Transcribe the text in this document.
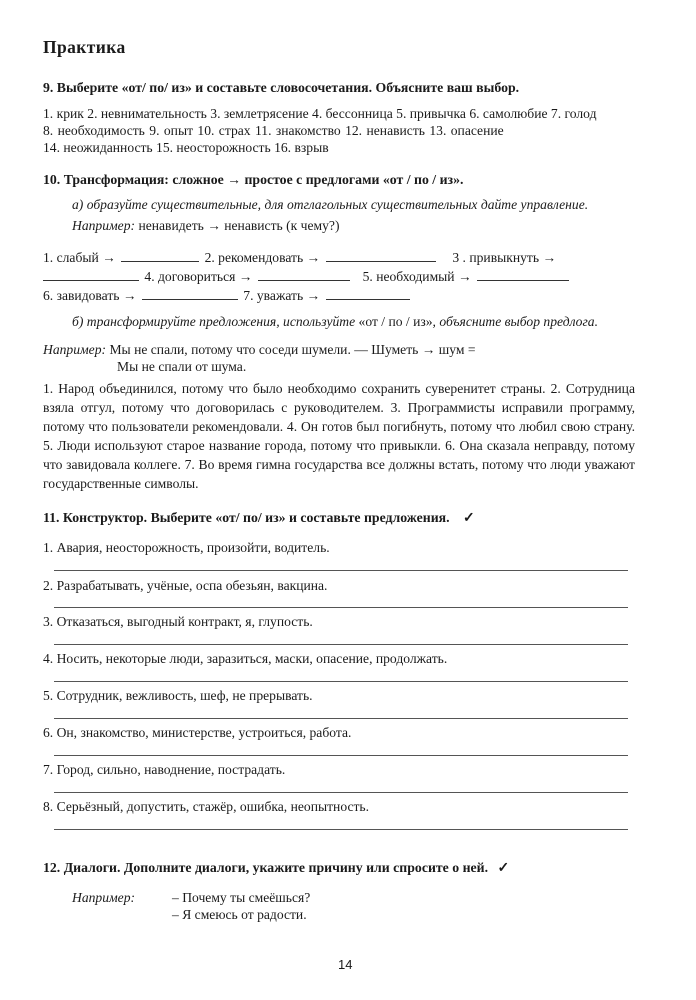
Практика
9. Выберите «от/ по/ из» и составьте словосочетания. Объясните ваш выбор.
1. крик 2. невнимательность 3. землетрясение 4. бессонница 5. привычка 6. самолюбие 7. голод
8. необходимость 9. опыт 10. страх 11. знакомство 12. ненависть 13. опасение
14. неожиданность 15. неосторожность 16. взрыв
10. Трансформация: сложное → простое с предлогами «от / по / из».
а) образуйте существительные, для отглагольных существительных дайте управление.
Например: ненавидеть → ненависть (к чему?)
1. слабый →	2. рекомендовать →	3 . привыкнуть →
4. договориться →	5. необходимый →
6. завидовать →	7. уважать →
б) трансформируйте предложения, используйте «от / по / из», объясните выбор предлога.
Например: Мы не спали, потому что соседи шумели. — Шуметь → шум =
Мы не спали от шума.
1. Народ объединился, потому что было необходимо сохранить суверенитет страны. 2. Сотрудница взяла отгул, потому что договорилась с руководителем. 3. Программисты исправили программу, потому что пользователи рекомендовали. 4. Он готов был погибнуть, потому что любил свою страну. 5. Люди используют старое название города, потому что привыкли. 6. Она сказала неправду, потому что завидовала коллеге. 7. Во время гимна государства все должны встать, потому что люди уважают государственные символы.
11. Конструктор. Выберите «от/ по/ из» и составьте предложения. ✓
1. Авария, неосторожность, произойти, водитель.
2. Разрабатывать, учёные, оспа обезьян, вакцина.
3. Отказаться, выгодный контракт, я, глупость.
4. Носить, некоторые люди, заразиться, маски, опасение, продолжать.
5. Сотрудник, вежливость, шеф, не прерывать.
6. Он, знакомство, министерстве, устроиться, работа.
7. Город, сильно, наводнение, пострадать.
8. Серьёзный, допустить, стажёр, ошибка, неопытность.
12. Диалоги. Дополните диалоги, укажите причину или спросите о ней. ✓
Например:	– Почему ты смеёшься?
– Я смеюсь от радости.
14
